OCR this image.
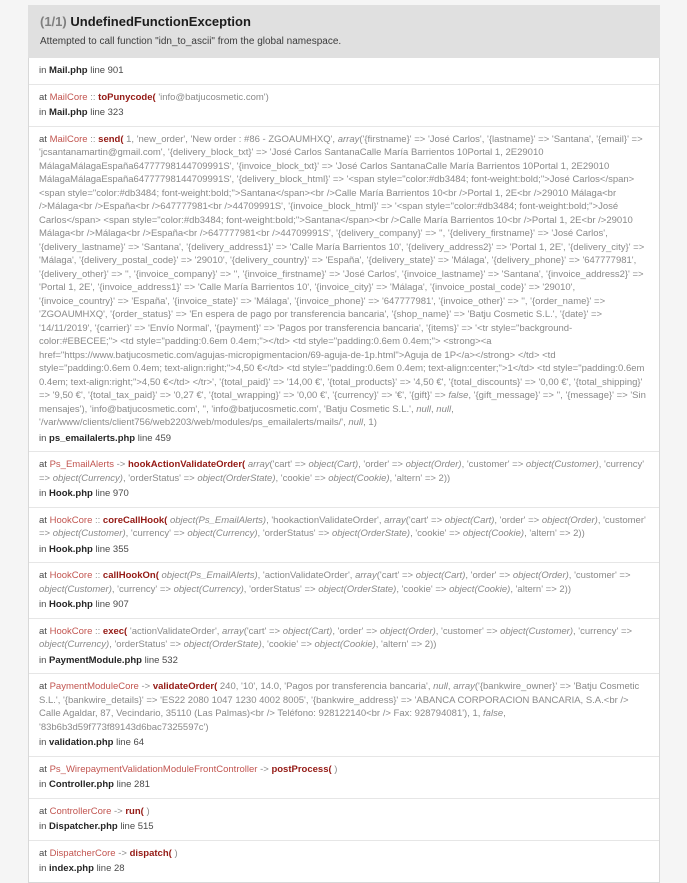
(1/1) UndefinedFunctionException

Attempted to call function "idn_to_ascii" from the global namespace.

in Mail.php line 901

at MailCore :: toPunycode( 'info@batjucosmetic.com')

in Mail.php line 323

at MailCore :: send( 1, 'new_order', 'New order : #86 - ZGOAUMHXQ', array('{firstname}' => 'José Carlos', '{lastname}' => 'Santana', '{email}' => 'jcsantanamartin@gmail.com', '{delivery_block_txt}' => 'José Carlos SantanaCalle María Barrientos 10Portal 1, 2E29010 MálagaMálagaEspaña64777798144709991S', '{invoice_block_txt}' => 'José Carlos SantanaCalle María Barrientos 10Portal 1, 2E29010 MálagaMálagaEspaña64777798144709991S', '{delivery_block_html}' => '<span style="color:#db3484; font-weight:bold;">José Carlos</span> <span style="color:#db3484; font-weight:bold;">Santana</span><br />Calle María Barrientos 10<br />Portal 1, 2E<br />29010 Málaga<br />Málaga<br />España<br />647777981<br />44709991S', '{invoice_block_html}' => '<span style="color:#db3484; font-weight:bold;">José Carlos</span> <span style="color:#db3484; font-weight:bold;">Santana</span><br />Calle María Barrientos 10<br />Portal 1, 2E<br />29010 Málaga<br />Málaga<br />España<br />647777981<br />44709991S', '{delivery_company}' => '', '{delivery_firstname}' => 'José Carlos', '{delivery_lastname}' => 'Santana', '{delivery_address1}' => 'Calle María Barrientos 10', '{delivery_address2}' => 'Portal 1, 2E', '{delivery_city}' => 'Málaga', '{delivery_postal_code}' => '29010', '{delivery_country}' => 'España', '{delivery_state}' => 'Málaga', '{delivery_phone}' => '647777981', '{delivery_other}' => '', '{invoice_company}' => '', '{invoice_firstname}' => 'José Carlos', '{invoice_lastname}' => 'Santana', '{invoice_address2}' => 'Portal 1, 2E', '{invoice_address1}' => 'Calle María Barrientos 10', '{invoice_city}' => 'Málaga', '{invoice_postal_code}' => '29010', '{invoice_country}' => 'España', '{invoice_state}' => 'Málaga', '{invoice_phone}' => '647777981', '{invoice_other}' => '', '{order_name}' => 'ZGOAUMHXQ', '{order_status}' => 'En espera de pago por transferencia bancaria', '{shop_name}' => 'Batju Cosmetic S.L.', '{date}' => '14/11/2019', '{carrier}' => 'Envío Normal', '{payment}' => 'Pagos por transferencia bancaria', '{items}' => '<tr style="background-color:#EBECEE;"> <td style="padding:0.6em 0.4em;"></td> <td style="padding:0.6em 0.4em;"> <strong><a href="https://www.batjucosmetic.com/agujas-micropigmentacion/69-aguja-de-1p.html">Aguja de 1P</a></strong> </td> <td style="padding:0.6em 0.4em; text-align:right;">4,50 €</td> <td style="padding:0.6em 0.4em; text-align:center;">1</td> <td style="padding:0.6em 0.4em; text-align:right;">4,50 €</td> </tr>', '{total_paid}' => '14,00 €', '{total_products}' => '4,50 €', '{total_discounts}' => '0,00 €', '{total_shipping}' => '9,50 €', '{total_tax_paid}' => '0,27 €', '{total_wrapping}' => '0,00 €', '{currency}' => '€', '{gift}' => false, '{gift_message}' => '', '{message}' => 'Sin mensajes'), 'info@batjucosmetic.com', '', 'info@batjucosmetic.com', 'Batju Cosmetic S.L.', null, null, '/var/www/clients/client756/web2203/web/modules/ps_emailalerts/mails/', null, 1)

in ps_emailalerts.php line 459

at Ps_EmailAlerts -> hookActionValidateOrder( array('cart' => object(Cart), 'order' => object(Order), 'customer' => object(Customer), 'currency' => object(Currency), 'orderStatus' => object(OrderState), 'cookie' => object(Cookie), 'altern' => 2))

in Hook.php line 970

at HookCore :: coreCallHook( object(Ps_EmailAlerts), 'hookactionValidateOrder', array('cart' => object(Cart), 'order' => object(Order), 'customer' => object(Customer), 'currency' => object(Currency), 'orderStatus' => object(OrderState), 'cookie' => object(Cookie), 'altern' => 2))

in Hook.php line 355

at HookCore :: callHookOn( object(Ps_EmailAlerts), 'actionValidateOrder', array('cart' => object(Cart), 'order' => object(Order), 'customer' => object(Customer), 'currency' => object(Currency), 'orderStatus' => object(OrderState), 'cookie' => object(Cookie), 'altern' => 2))

in Hook.php line 907

at HookCore :: exec( 'actionValidateOrder', array('cart' => object(Cart), 'order' => object(Order), 'customer' => object(Customer), 'currency' => object(Currency), 'orderStatus' => object(OrderState), 'cookie' => object(Cookie), 'altern' => 2))

in PaymentModule.php line 532

at PaymentModuleCore -> validateOrder( 240, '10', 14.0, 'Pagos por transferencia bancaria', null, array('{bankwire_owner}' => 'Batju Cosmetic S.L.', '{bankwire_details}' => 'ES22 2080 1047 1230 4002 8005', '{bankwire_address}' => 'ABANCA CORPORACION BANCARIA, S.A.<br /> Calle Agaldar, 87, Vecindario, 35110 (Las Palmas)<br /> Teléfono: 928122140<br /> Fax: 928794081'), 1, false, '83b6b3d59f773f89143d6bac7325597c')

in validation.php line 64

at Ps_WirepaymentValidationModuleFrontController -> postProcess( )

in Controller.php line 281

at ControllerCore -> run( )

in Dispatcher.php line 515

at DispatcherCore -> dispatch( )

in index.php line 28
